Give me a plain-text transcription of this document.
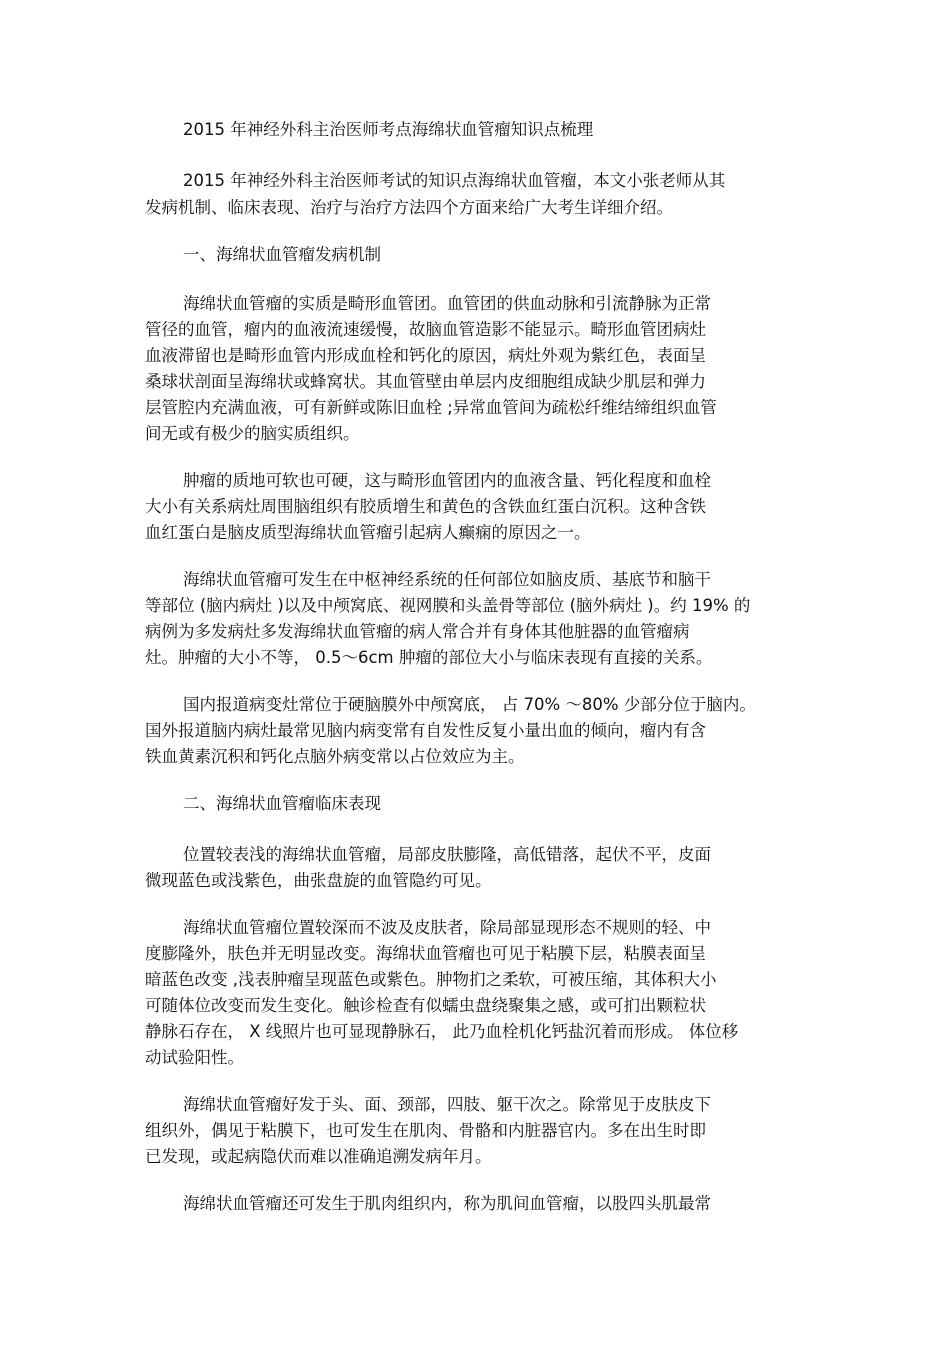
2015 年神经外科主治医师考点海绵状血管瘤知识点梳理
2015 年神经外科主治医师考试的知识点海绵状血管瘤，本文小张老师从其
发病机制、临床表现、治疗与治疗方法四个方面来给广大考生详细介绍。
一、海绵状血管瘤发病机制
海绵状血管瘤的实质是畸形血管团。血管团的供血动脉和引流静脉为正常
管径的血管，瘤内的血液流速缓慢，故脑血管造影不能显示。畸形血管团病灶
血液滞留也是畸形血管内形成血栓和钙化的原因，病灶外观为紫红色，表面呈
桑球状剖面呈海绵状或蜂窝状。其血管壁由单层内皮细胞组成缺少肌层和弹力
层管腔内充满血液，可有新鲜或陈旧血栓 ;异常血管间为疏松纤维结缔组织血管
间无或有极少的脑实质组织。
肿瘤的质地可软也可硬，这与畸形血管团内的血液含量、钙化程度和血栓
大小有关系病灶周围脑组织有胶质增生和黄色的含铁血红蛋白沉积。这种含铁
血红蛋白是脑皮质型海绵状血管瘤引起病人癫痫的原因之一。
海绵状血管瘤可发生在中枢神经系统的任何部位如脑皮质、基底节和脑干
等部位 (脑内病灶 )以及中颅窝底、视网膜和头盖骨等部位 (脑外病灶 )。约 19% 的
病例为多发病灶多发海绵状血管瘤的病人常合并有身体其他脏器的血管瘤病
灶。肿瘤的大小不等， 0.5～6cm 肿瘤的部位大小与临床表现有直接的关系。
国内报道病变灶常位于硬脑膜外中颅窝底， 占 70% ～80% 少部分位于脑内。
国外报道脑内病灶最常见脑内病变常有自发性反复小量出血的倾向，瘤内有含
铁血黄素沉积和钙化点脑外病变常以占位效应为主。
二、海绵状血管瘤临床表现
位置较表浅的海绵状血管瘤，局部皮肤膨隆，高低错落，起伏不平，皮面
微现蓝色或浅紫色，曲张盘旋的血管隐约可见。
海绵状血管瘤位置较深而不波及皮肤者，除局部显现形态不规则的轻、中
度膨隆外，肤色并无明显改变。海绵状血管瘤也可见于粘膜下层，粘膜表面呈
暗蓝色改变 ,浅表肿瘤呈现蓝色或紫色。肿物扪之柔软，可被压缩，其体积大小
可随体位改变而发生变化。触诊检查有似蠕虫盘绕聚集之感，或可扪出颗粒状
静脉石存在， X 线照片也可显现静脉石， 此乃血栓机化钙盐沉着而形成。 体位移
动试验阳性。
海绵状血管瘤好发于头、面、颈部，四肢、躯干次之。除常见于皮肤皮下
组织外，偶见于粘膜下，也可发生在肌肉、骨骼和内脏器官内。多在出生时即
已发现，或起病隐伏而难以准确追溯发病年月。
海绵状血管瘤还可发生于肌肉组织内，称为肌间血管瘤，以股四头肌最常
